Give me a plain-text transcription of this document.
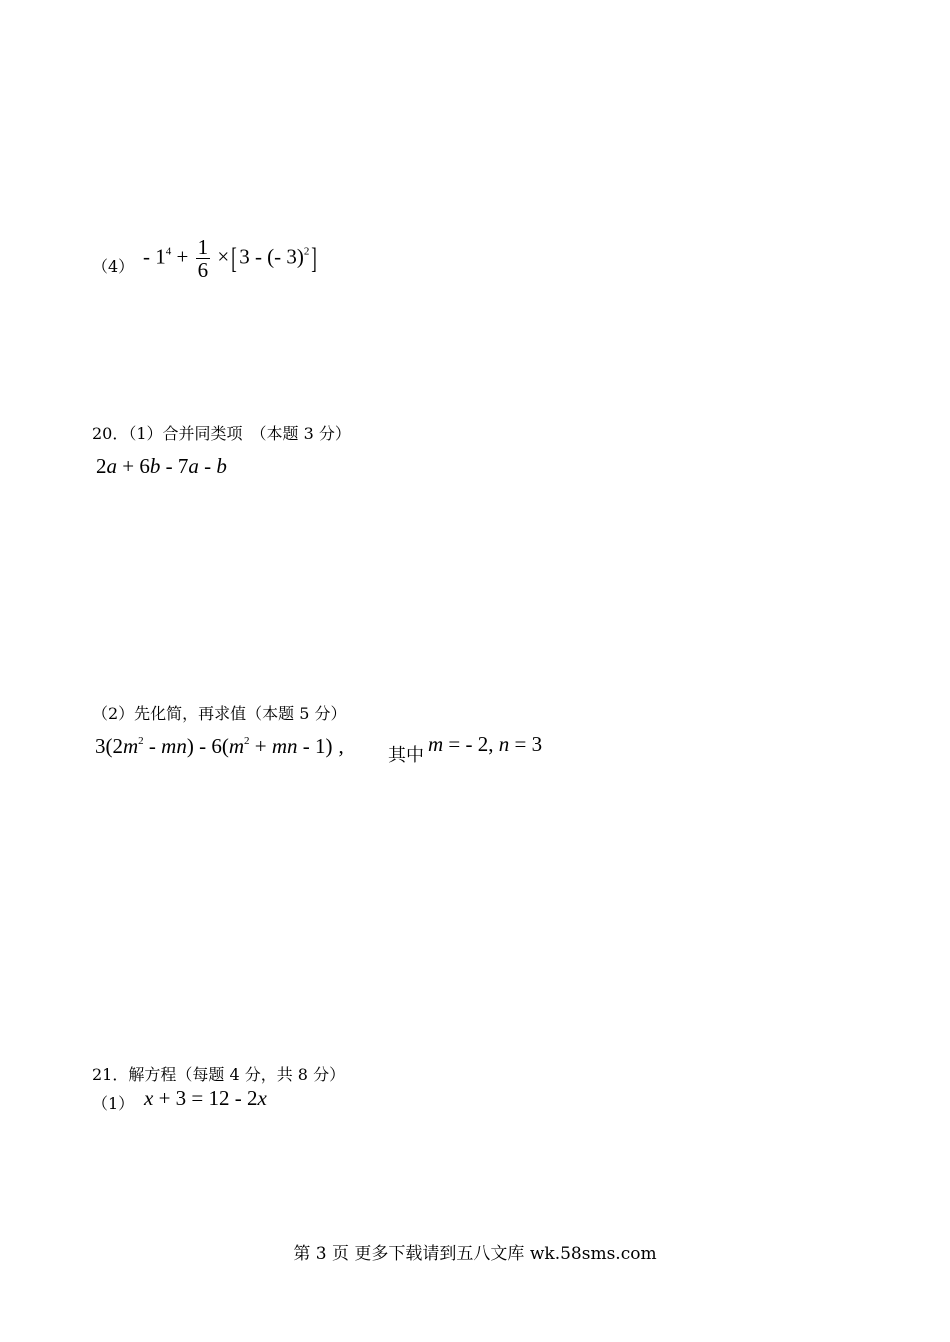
$(4) - 1^4 + \frac{1}{6}$ ×[ 3 - (- 3)$^2$]
20．（1）合并同类项　（本题 3 分）
2a + 6b - 7a - b
（2）先化简，再求值（本题 5 分）
$3(2m^2 - mn) - 6(m^2$ + mn - 1) , 其中 m = - 2, n = 3
21．解方程（每题 4 分，共 8 分）
（1） x + 3 = 12 - 2x
第 3 页 更多下载请到五八文库 wk.58sms.com
